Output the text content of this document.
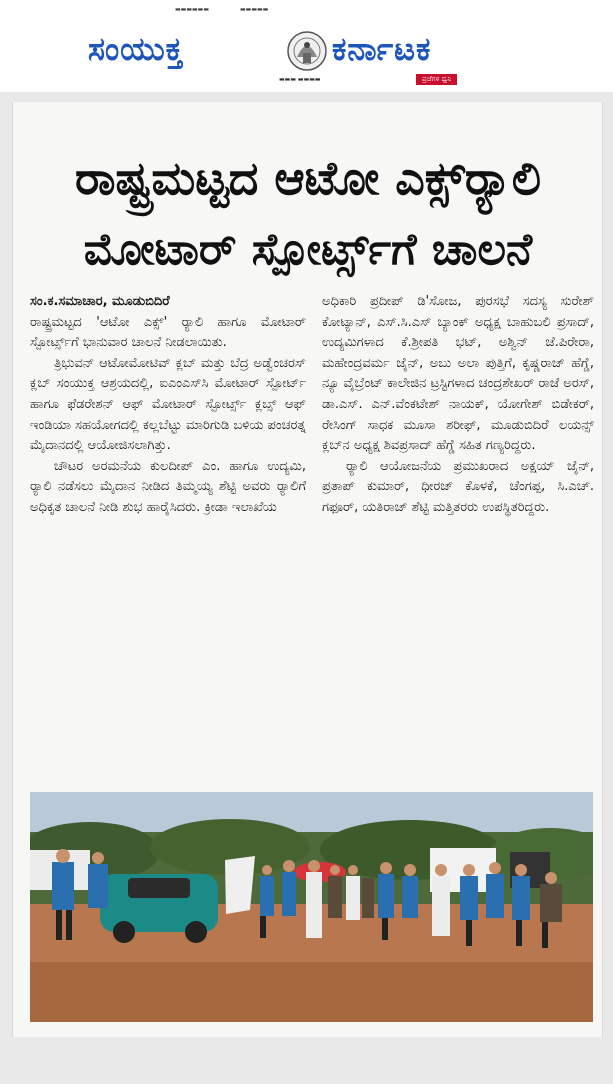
▬▬▬▬▬▬	▬▬▬▬▬
ಸಂಯುಕ್ತ	ಕರ್ನಾಟಕ
▬▬▬ ▬▬▬▬	ಪ್ರಜೆಗಳ ಧ್ವನಿ
ರಾಷ್ಟ್ರಮಟ್ಟದ ಆಟೋ ಎಕ್ಸ್‌ರ್‍ಯಾಲಿ
ಮೋಟಾರ್ ಸ್ಪೋರ್ಟ್ಸ್‌ಗೆ ಚಾಲನೆ

ಸಂ.ಕ.ಸಮಾಚಾರ, ಮೂಡುಬಿದಿರೆ

ರಾಷ್ಟ್ರಮಟ್ಟದ 'ಆಟೋ ಎಕ್ಸ್' ರ್‍ಯಾಲಿ ಹಾಗೂ ಮೋಟಾರ್ ಸ್ಪೋರ್ಟ್ಸ್‌ಗೆ ಭಾನುವಾರ ಚಾಲನೆ ನೀಡಲಾಯಿತು.

ತ್ರಿಭುವನ್ ಆಟೋಮೋಟಿವ್ ಕ್ಲಬ್ ಮತ್ತು ಬೆದ್ರ ಅಡ್ವೆಂಚರಸ್ ಕ್ಲಬ್ ಸಂಯುಕ್ತ ಆಶ್ರಯದಲ್ಲಿ, ಐಎಂಎಸ್‌ಸಿ ಮೋಟಾರ್ ಸ್ಪೋರ್ಟ್ ಹಾಗೂ ಫೆಡರೇಶನ್ ಆಫ್ ಮೋಟಾರ್ ಸ್ಪೋರ್ಟ್ಸ್ ಕ್ಲಬ್ಸ್ ಆಫ್ ಇಂಡಿಯಾ ಸಹಯೋಗದಲ್ಲಿ ಕಲ್ಲಬೆಟ್ಟು ಮಾರಿಗುಡಿ ಬಳಿಯ ಪಂಚರತ್ನ ಮೈದಾನದಲ್ಲಿ ಆಯೋಜಿಸಲಾಗಿತ್ತು.

ಚೌಟರ ಅರಮನೆಯ ಕುಲದೀಪ್ ಎಂ. ಹಾಗೂ ಉದ್ಯಮಿ, ರ್‍ಯಾಲಿ ನಡೆಸಲು ಮೈದಾನ ನೀಡಿದ ತಿಮ್ಮಯ್ಯ ಶೆಟ್ಟಿ ಅವರು ರ್‍ಯಾಲಿಗೆ ಅಧಿಕೃತ ಚಾಲನೆ ನೀಡಿ ಶುಭ ಹಾರೈಸಿದರು. ಕ್ರೀಡಾ ಇಲಾಖೆಯ

ಅಧಿಕಾರಿ ಪ್ರದೀಪ್ ಡಿ'ಸೋಜ, ಪುರಸಭೆ ಸದಸ್ಯ ಸುರೇಶ್ ಕೋಟ್ಯಾನ್, ಎಸ್.ಸಿ.ಎಸ್ ಬ್ಯಾಂಕ್ ಅಧ್ಯಕ್ಷ ಬಾಹುಬಲಿ ಪ್ರಸಾದ್, ಉದ್ಯಮಿಗಳಾದ ಕೆ.ಶ್ರೀಪತಿ ಭಟ್, ಅಶ್ವಿನ್ ಜೆ.ಪಿರೇರಾ, ಮಹೇಂದ್ರವರ್ಮ ಜೈನ್, ಅಬು ಅಲಾ ಪುತ್ತಿಗೆ, ಕೃಷ್ಣರಾಜ್ ಹೆಗ್ಡೆ, ನ್ಯೂ ವೈಬ್ರೆಂಟ್ ಕಾಲೇಜಿನ ಟ್ರಸ್ಟಿಗಳಾದ ಚಂದ್ರಶೇಖರ್ ರಾಜೆ ಅರಸ್, ಡಾ.ಎಸ್. ಎನ್.ವೆಂಕಟೇಶ್ ನಾಯಕ್, ಯೋಗೇಶ್ ಬಿಡೇಕರ್, ರೇಸಿಂಗ್ ಸಾಧಕ ಮೂಸಾ ಶರೀಫ್, ಮೂಡುಬಿದಿರೆ ಲಯನ್ಸ್ ಕ್ಲಬ್‌ನ ಅಧ್ಯಕ್ಷ ಶಿವಪ್ರಸಾದ್ ಹೆಗ್ಡೆ ಸಹಿತ ಗಣ್ಯರಿದ್ದರು.

ರ್‍ಯಾಲಿ ಆಯೋಜನೆಯ ಪ್ರಮುಖರಾದ ಅಕ್ಷಯ್ ಜೈನ್, ಪ್ರತಾಪ್ ಕುಮಾರ್, ಧೀರಜ್ ಕೊಳಕೆ, ಚೆಂಗಪ್ಪ, ಸಿ.ಎಚ್. ಗಫೂರ್, ಯತಿರಾಜ್ ಶೆಟ್ಟಿ ಮತ್ತಿತರರು ಉಪಸ್ಥಿತರಿದ್ದರು.
